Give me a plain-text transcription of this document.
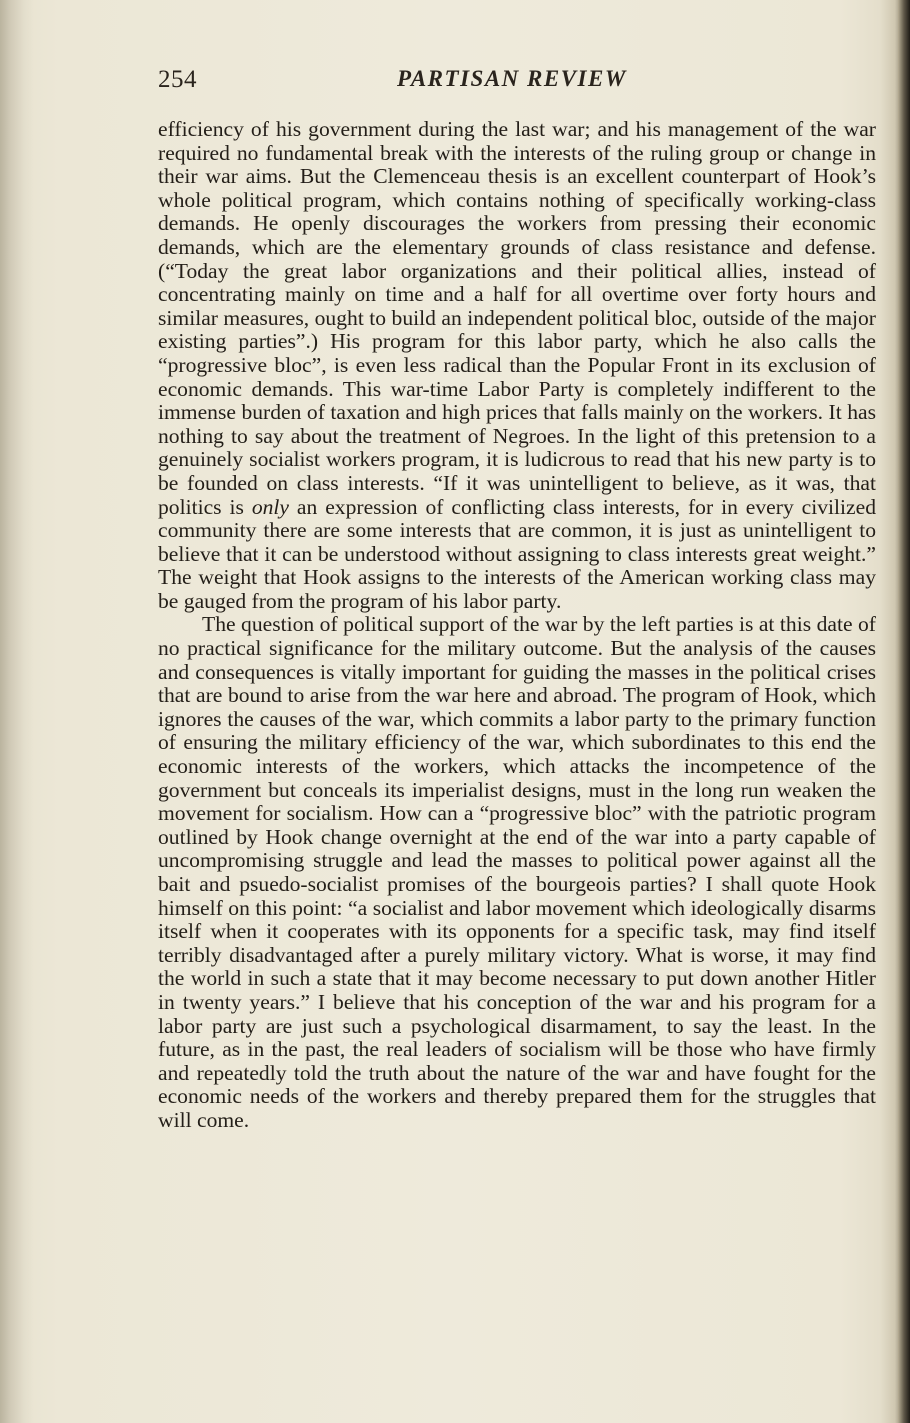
254	PARTISAN REVIEW

efficiency of his government during the last war; and his management of the war required no fundamental break with the interests of the ruling group or change in their war aims. But the Clemenceau thesis is an excellent counterpart of Hook’s whole political program, which contains nothing of specifically working-class demands. He openly discourages the workers from pressing their economic demands, which are the elementary grounds of class resistance and defense. (“Today the great labor organizations and their political allies, instead of concentrating mainly on time and a half for all overtime over forty hours and similar measures, ought to build an independent political bloc, outside of the major existing parties”.) His program for this labor party, which he also calls the “progressive bloc”, is even less radical than the Popular Front in its exclusion of economic demands. This war-time Labor Party is completely indifferent to the immense burden of taxation and high prices that falls mainly on the workers. It has nothing to say about the treatment of Negroes. In the light of this pretension to a genuinely socialist workers program, it is ludicrous to read that his new party is to be founded on class interests. “If it was unintelligent to believe, as it was, that politics is only an expression of conflicting class interests, for in every civilized community there are some interests that are common, it is just as unintelligent to believe that it can be understood without assigning to class interests great weight.” The weight that Hook assigns to the interests of the American working class may be gauged from the program of his labor party.

The question of political support of the war by the left parties is at this date of no practical significance for the military outcome. But the analysis of the causes and consequences is vitally important for guiding the masses in the political crises that are bound to arise from the war here and abroad. The program of Hook, which ignores the causes of the war, which commits a labor party to the primary function of ensuring the military efficiency of the war, which subordinates to this end the economic interests of the workers, which attacks the incompetence of the government but conceals its imperialist designs, must in the long run weaken the movement for socialism. How can a “progressive bloc” with the patriotic program outlined by Hook change overnight at the end of the war into a party capable of uncompromising struggle and lead the masses to political power against all the bait and psuedo-socialist promises of the bourgeois parties? I shall quote Hook himself on this point: “a socialist and labor movement which ideologically disarms itself when it cooperates with its opponents for a specific task, may find itself terribly disadvantaged after a purely military victory. What is worse, it may find the world in such a state that it may become necessary to put down another Hitler in twenty years.” I believe that his conception of the war and his program for a labor party are just such a psychological disarmament, to say the least. In the future, as in the past, the real leaders of socialism will be those who have firmly and repeatedly told the truth about the nature of the war and have fought for the economic needs of the workers and thereby prepared them for the struggles that will come.
